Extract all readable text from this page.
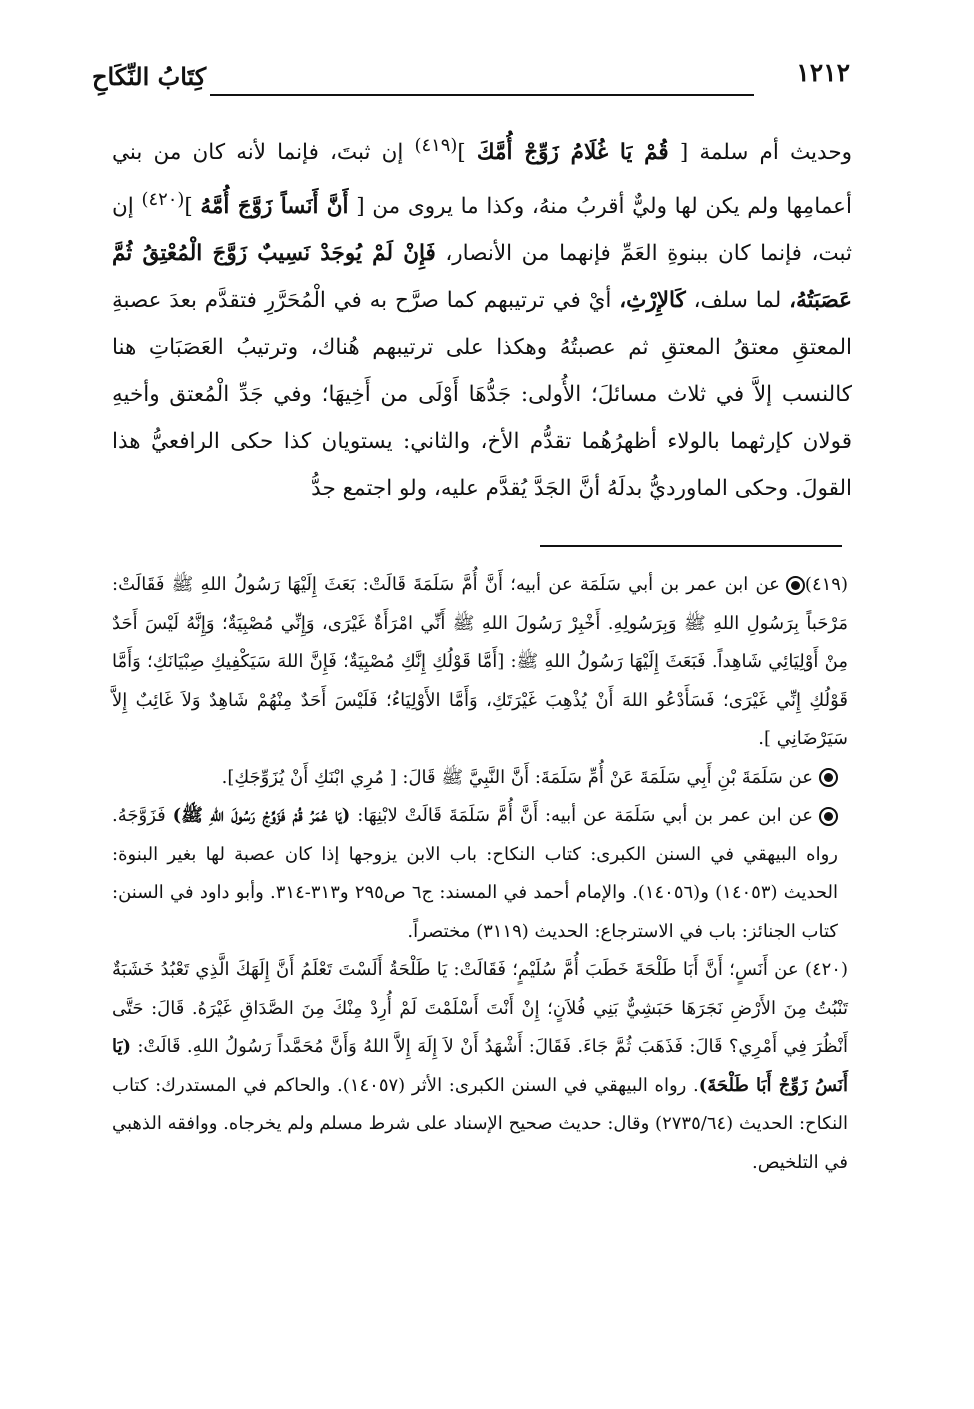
١٢١٢
كِتَابُ النِّكَاحِ

وحديث أم سلمة [ قُمْ يَا غُلَامُ زَوِّجْ أُمَّكَ ]$^{(٤١٩)}$ إن ثبتَ، فإنما لأنه كان من بني أعمامِها ولم يكن لها وليٌّ أقربُ منهُ، وكذا ما يروى من [ أَنَّ أَنَساً زَوَّجَ أُمَّهُ ]$^{(٤٢٠)}$ إن ثبت، فإنما كان ببنوةِ العَمِّ فإنهما من الأنصار، فَإِنْ لَمْ يُوجَدْ نَسِيبٌ زَوَّجَ الْمُعْتِقُ ثُمَّ عَصَبَتُهُ، لما سلف، كَالإِرْثِ، أيْ في ترتيبهم كما صرَّح به في الْمُحَرَّرِ فتقدَّم بعدَ عصبةِ المعتقِ معتقُ المعتقِ ثم عصبتُهُ وهكذا على ترتيبهم هُناك، وترتيبُ العَصَبَاتِ هنا كالنسب إلاَّ في ثلاث مسائلَ؛ الأُولى: جَدُّهَا أَوْلَى من أَخِيهَا؛ وفي جَدِّ الْمُعتق وأخيهِ قولان كإرثهما بالولاء أظهرُهُما تقدُّم الأخ، والثاني: يستويان كذا حكى الرافعيُّ هذا القولَ. وحكى الماورديُّ بدلَهُ أنَّ الجَدَّ يُقدَّم عليه، ولو اجتمع جدُّ

(٤١٩)عن ابن عمر بن أبي سَلَمَة عن أبيه؛ أَنَّ أُمَّ سَلَمَةَ قَالَتْ: بَعَثَ إِلَيْهَا رَسُولُ اللهِ ﷺ فَقَالَتْ: مَرْحَباً بِرَسُولِ اللهِ ﷺ وَبِرَسُولِهِ. أَخْبِرْ رَسُولَ اللهِ ﷺ أَنِّي امْرَأَةٌ غَيْرَى، وَإِنِّي مُصْبِيَةٌ؛ وَإِنَّهُ لَيْسَ أَحَدٌ مِنْ أَوْلِيَائِي شَاهِداً. فَبَعَثَ إِلَيْهَا رَسُولُ اللهِ ﷺ: [أَمَّا قَوْلُكِ إِنَّكِ مُصْبِيَةٌ؛ فَإِنَّ اللهَ سَيَكْفِيكِ صِبْيَانَكِ؛ وَأَمَّا قَوْلُكِ إِنِّي غَيْرَى؛ فَسَأَدْعُو اللهَ أَنْ يُذْهِبَ غَيْرَتَكِ، وَأَمَّا الأَوْلِيَاءُ؛ فَلَيْسَ أَحَدٌ مِنْهُمْ شَاهِدٌ وَلاَ غَائِبٌ إِلاَّ سَيَرْضَانِي ].

عن سَلَمَةَ بْنِ أَبِي سَلَمَةَ عَنْ أُمِّ سَلَمَةَ: أَنَّ النَّبِيَّ ﷺ قَالَ: [ مُرِي ابْنَكِ أَنْ يُزَوِّجَكِ].

عن ابن عمر بن أبي سَلَمَة عن أبيه: أَنَّ أُمَّ سَلَمَةَ قَالَتْ لابْنِهَا: (يَا عُمَرُ قُمْ فَزَوِّجْ رَسُولَ اللهِ ﷺ) فَزَوَّجَهُ. رواه البيهقي في السنن الكبرى: كتاب النكاح: باب الابن يزوجها إذا كان عصبة لها بغير البنوة: الحديث (١٤٠٥٣) و(١٤٠٥٦). والإمام أحمد في المسند: ج٦ ص٢٩٥ و٣١٣-٣١٤. وأبو داود في السنن: كتاب الجنائز: باب في الاسترجاع: الحديث (٣١١٩) مختصراً.

(٤٢٠) عن أَنَسٍ؛ أَنَّ أَبَا طَلْحَةَ خَطَبَ أُمَّ سُلَيْمٍ؛ فَقَالَتْ: يَا طَلْحَةُ أَلَسْتَ تَعْلَمُ أَنَّ إِلَهَكَ الَّذِي تَعْبُدُ خَشَبَةٌ تَنْبُتُ مِنَ الأَرْضِ نَجَرَهَا حَبَشِيٌّ بَنِي فُلاَنٍ؛ إِنْ أَنْتَ أَسْلَمْتَ لَمْ أُرِدْ مِنْكَ مِنَ الصَّدَاقِ غَيْرَهُ. قَالَ: حَتَّى أَنْظُرَ فِي أَمْرِي؟ قَالَ: فَذَهَبَ ثُمَّ جَاءَ. فَقَالَ: أَشْهَدُ أَنْ لاَ إِلَهَ إِلاَّ اللهُ وَأَنَّ مُحَمَّداً رَسُولُ اللهِ. قَالَتْ: (يَا أَنَسُ زَوِّجْ أَبَا طَلْحَةَ). رواه البيهقي في السنن الكبرى: الأثر (١٤٠٥٧). والحاكم في المستدرك: كتاب النكاح: الحديث (٢٧٣٥/٦٤) وقال: حديث صحيح الإسناد على شرط مسلم ولم يخرجاه. ووافقه الذهبي في التلخيص.
